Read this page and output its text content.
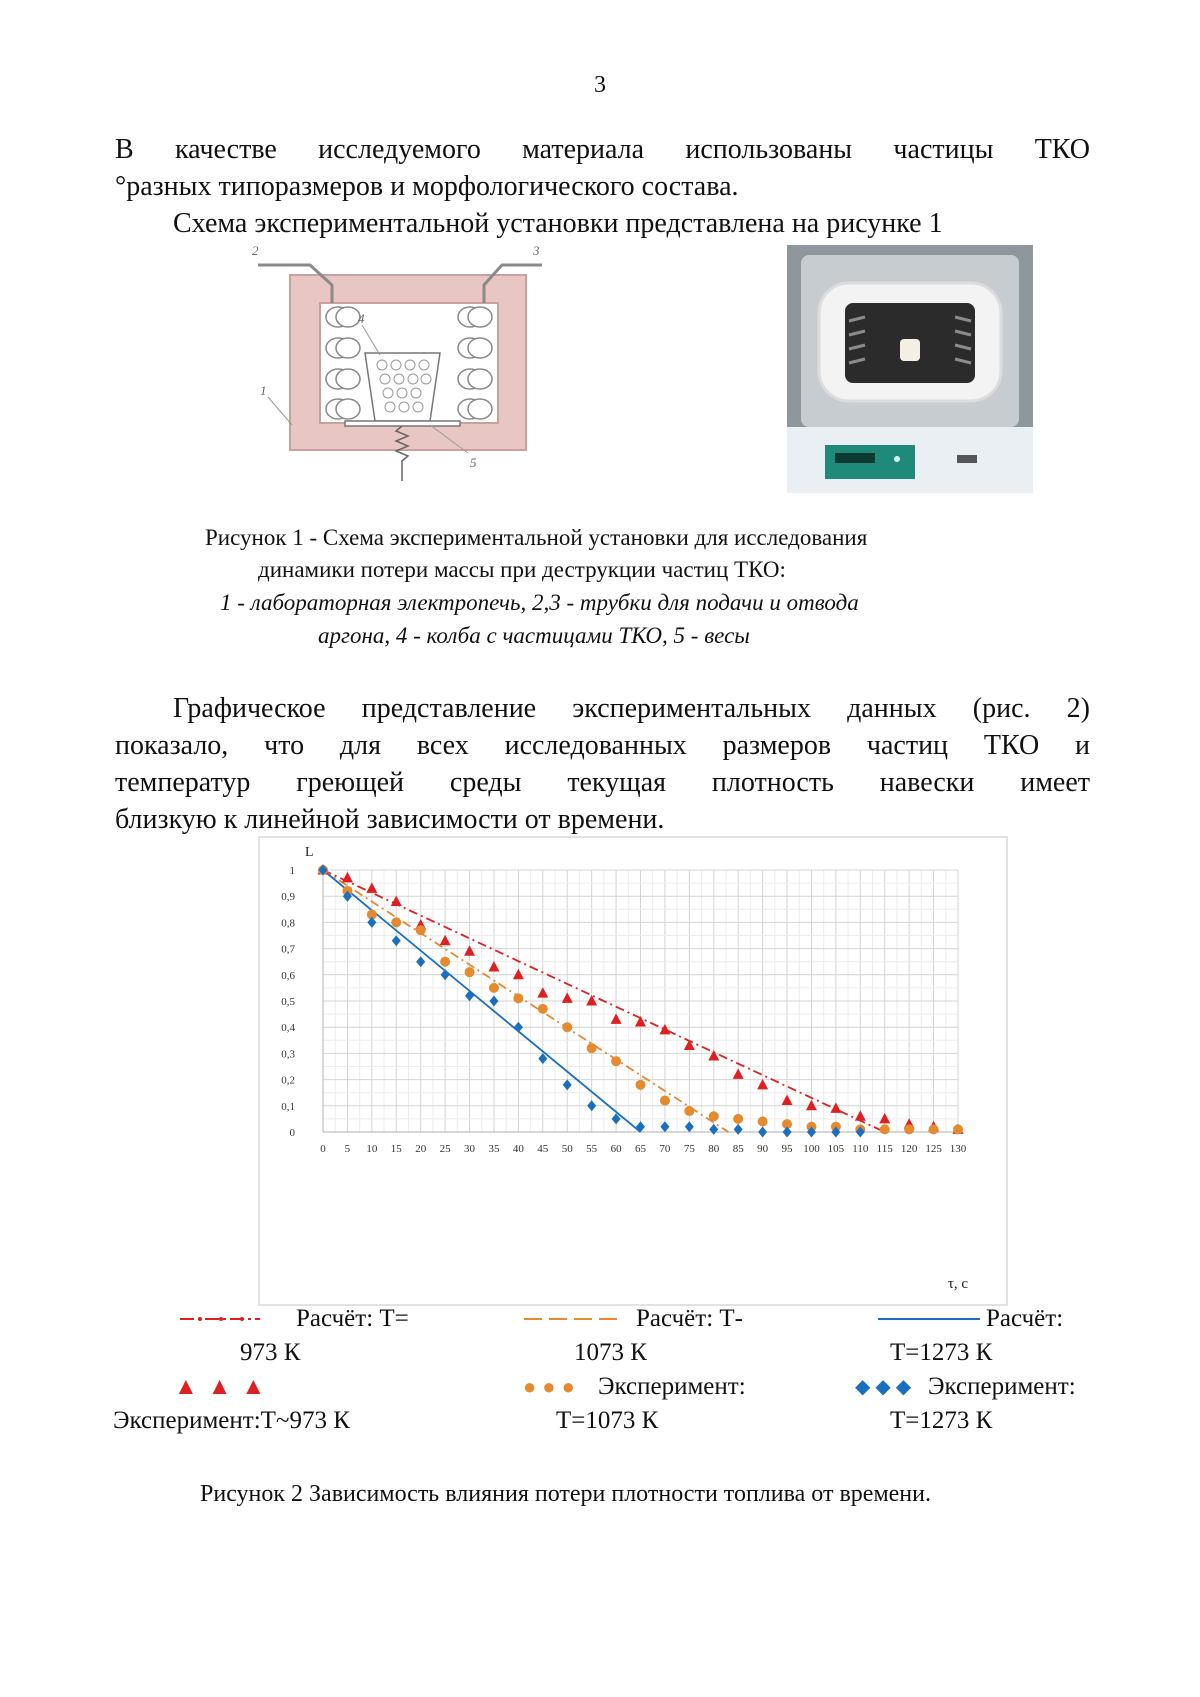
3
В качестве исследуемого материала использованы частицы ТКО
°разных типоразмеров и морфологического состава.
Схема экспериментальной установки представлена на рисунке 1
2	3
4
1
5
Рисунок 1 - Схема экспериментальной установки для исследования
динамики потери массы при деструкции частиц ТКО:
1 - лабораторная электропечь, 2,3 - трубки для подачи и отвода
аргона, 4 - колба с частицами ТКО, 5 - весы
Графическое представление экспериментальных данных (рис. 2)
показало, что для всех исследованных размеров частиц ТКО и
температур греющей среды текущая плотность навески имеет
близкую к линейной зависимости от времени.
0 5 10 15 20 25 30 35 40 45 50 55 60 65 70 75 80 85 90 95 100 105 110 115 120 125 130
0
0,1
0,2
0,3
0,4
0,5
0,6
0,7
0,8
0,9
1
L
τ, c
Расчёт: Т=
973 К
Расчёт: Т-
1073 К
Расчёт:
Т=1273 К
▲▲▲
Эксперимент:Т~973 К
●●● Эксперимент:
Т=1073 К
◆◆◆ Эксперимент:
Т=1273 К
Рисунок 2 Зависимость влияния потери плотности топлива от времени.
